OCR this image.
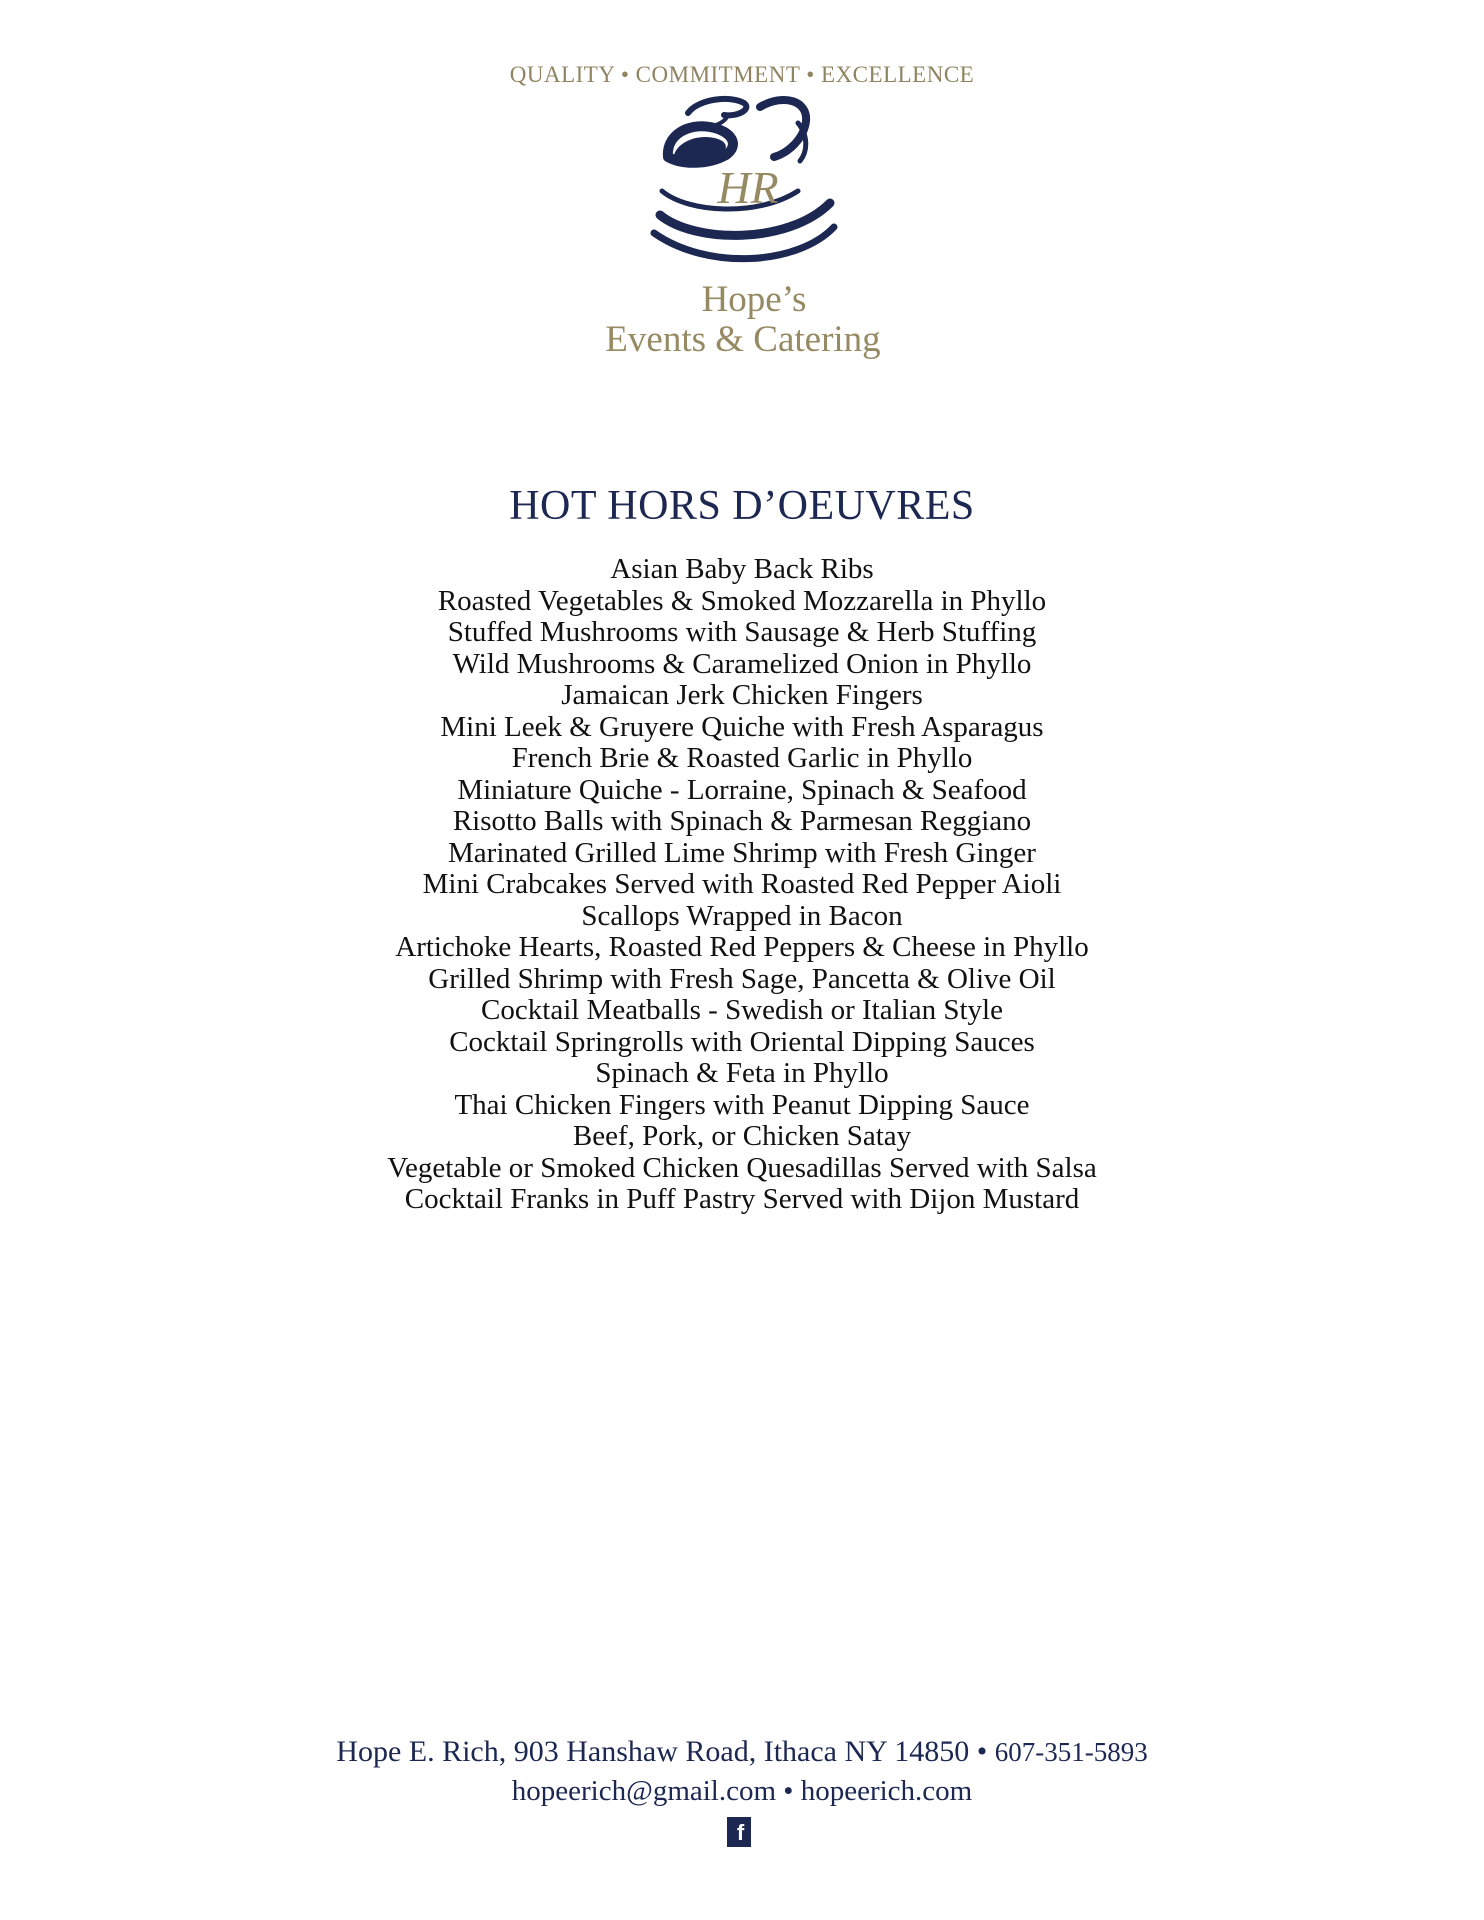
QUALITY • COMMITMENT • EXCELLENCE
HR
Hope’s
Events & Catering
HOT HORS D’OEUVRES
Asian Baby Back Ribs
Roasted Vegetables & Smoked Mozzarella in Phyllo
Stuffed Mushrooms with Sausage & Herb Stuffing
Wild Mushrooms & Caramelized Onion in Phyllo
Jamaican Jerk Chicken Fingers
Mini Leek & Gruyere Quiche with Fresh Asparagus
French Brie & Roasted Garlic in Phyllo
Miniature Quiche - Lorraine, Spinach & Seafood
Risotto Balls with Spinach & Parmesan Reggiano
Marinated Grilled Lime Shrimp with Fresh Ginger
Mini Crabcakes Served with Roasted Red Pepper Aioli
Scallops Wrapped in Bacon
Artichoke Hearts, Roasted Red Peppers & Cheese in Phyllo
Grilled Shrimp with Fresh Sage, Pancetta & Olive Oil
Cocktail Meatballs - Swedish or Italian Style
Cocktail Springrolls with Oriental Dipping Sauces
Spinach & Feta in Phyllo
Thai Chicken Fingers with Peanut Dipping Sauce
Beef, Pork, or Chicken Satay
Vegetable or Smoked Chicken Quesadillas Served with Salsa
Cocktail Franks in Puff Pastry Served with Dijon Mustard
Hope E. Rich, 903 Hanshaw Road, Ithaca NY 14850 • 607-351-5893
hopeerich@gmail.com • hopeerich.com
f
